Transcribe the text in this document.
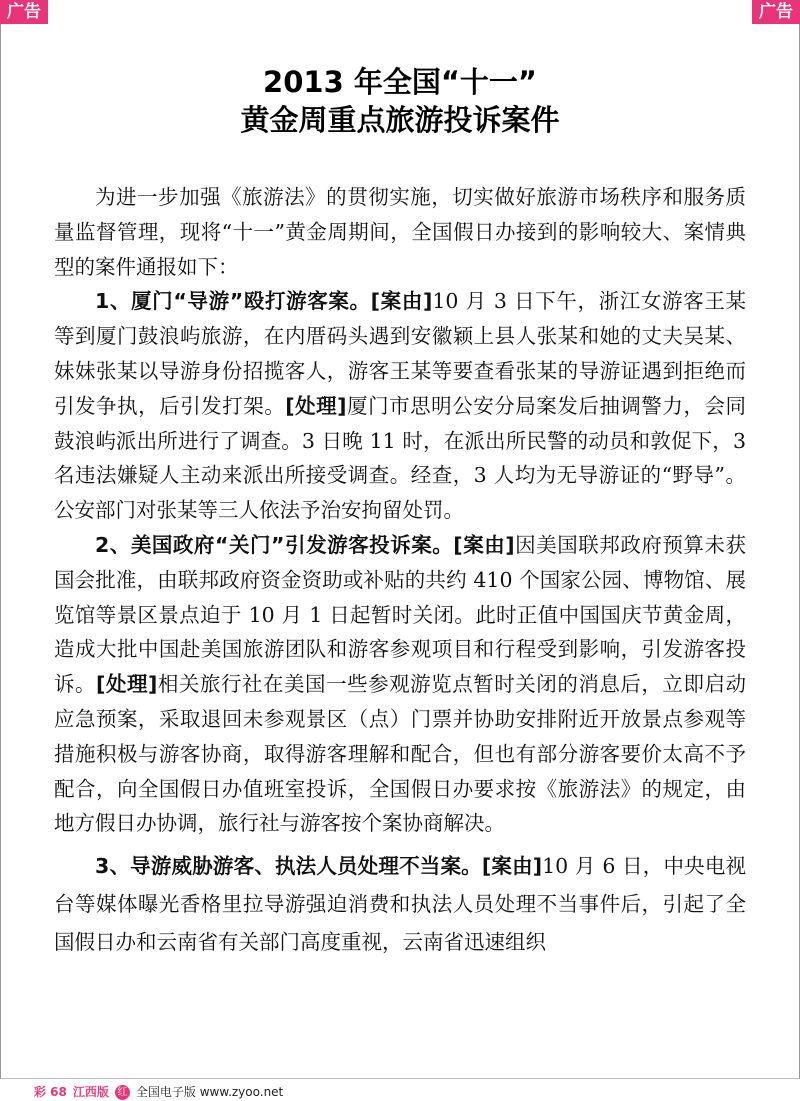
广告	广告
2013 年全国“十一”
黄金周重点旅游投诉案件

为进一步加强《旅游法》的贯彻实施，切实做好旅游市场秩序和服务质量监督管理，现将“十一”黄金周期间，全国假日办接到的影响较大、案情典型的案件通报如下：

1、厦门“导游”殴打游客案。[案由]10 月 3 日下午，浙江女游客王某等到厦门鼓浪屿旅游，在内厝码头遇到安徽颖上县人张某和她的丈夫吴某、妹妹张某以导游身份招揽客人，游客王某等要查看张某的导游证遇到拒绝而引发争执，后引发打架。[处理]厦门市思明公安分局案发后抽调警力，会同鼓浪屿派出所进行了调查。3 日晚 11 时，在派出所民警的动员和敦促下，3 名违法嫌疑人主动来派出所接受调查。经查，3 人均为无导游证的“野导”。公安部门对张某等三人依法予治安拘留处罚。

2、美国政府“关门”引发游客投诉案。[案由]因美国联邦政府预算未获国会批准，由联邦政府资金资助或补贴的共约 410 个国家公园、博物馆、展览馆等景区景点迫于 10 月 1 日起暂时关闭。此时正值中国国庆节黄金周，造成大批中国赴美国旅游团队和游客参观项目和行程受到影响，引发游客投诉。[处理]相关旅行社在美国一些参观游览点暂时关闭的消息后，立即启动应急预案，采取退回未参观景区（点）门票并协助安排附近开放景点参观等措施积极与游客协商，取得游客理解和配合，但也有部分游客要价太高不予配合，向全国假日办值班室投诉，全国假日办要求按《旅游法》的规定，由地方假日办协调，旅行社与游客按个案协商解决。

3、导游威胁游客、执法人员处理不当案。[案由]10 月 6 日，中央电视台等媒体曝光香格里拉导游强迫消费和执法人员处理不当事件后，引起了全国假日办和云南省有关部门高度重视，云南省迅速组织

彩 68 江西版 红 全国电子版 www.zyoo.net
